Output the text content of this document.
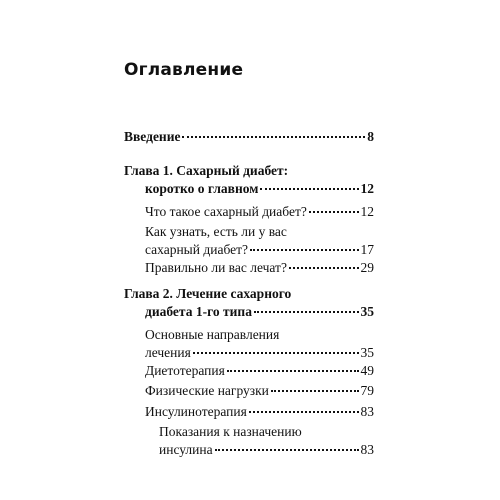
Оглавление
Введение	8
Глава 1. Сахарный диабет:
коротко о главном	12
Что такое сахарный диабет?	12
Как узнать, есть ли у вас
сахарный диабет?	17
Правильно ли вас лечат?	29
Глава 2. Лечение сахарного
диабета 1-го типа	35
Основные направления
лечения	35
Диетотерапия	49
Физические нагрузки	79
Инсулинотерапия	83
Показания к назначению
инсулина	83
